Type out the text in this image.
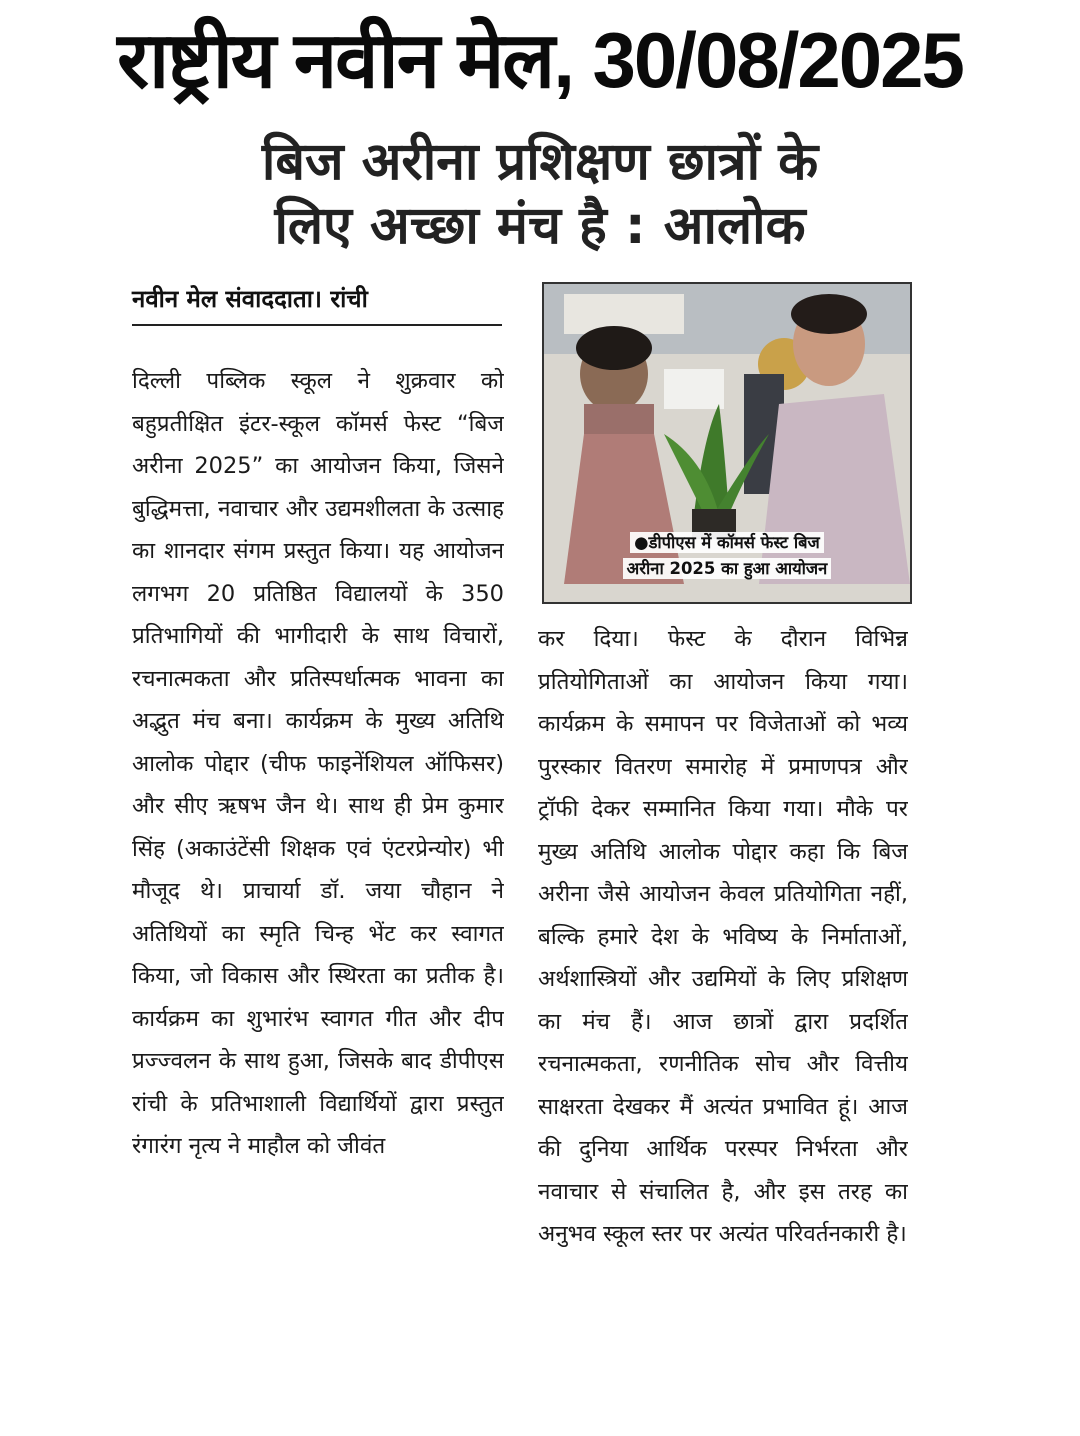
राष्ट्रीय नवीन मेल, 30/08/2025
बिज अरीना प्रशिक्षण छात्रों के
लिए अच्छा मंच है : आलोक
नवीन मेल संवाददाता। रांची
●डीपीएस में कॉमर्स फेस्ट बिज
अरीना 2025 का हुआ आयोजन
दिल्ली पब्लिक स्कूल ने शुक्रवार को बहुप्रतीक्षित इंटर-स्कूल कॉमर्स फेस्ट “बिज अरीना 2025” का आयोजन किया, जिसने बुद्धिमत्ता, नवाचार और उद्यमशीलता के उत्साह का शानदार संगम प्रस्तुत किया। यह आयोजन लगभग 20 प्रतिष्ठित विद्यालयों के 350 प्रतिभागियों की भागीदारी के साथ विचारों, रचनात्मकता और प्रतिस्पर्धात्मक भावना का अद्भुत मंच बना। कार्यक्रम के मुख्य अतिथि आलोक पोद्दार (चीफ फाइनेंशियल ऑफिसर) और सीए ऋषभ जैन थे। साथ ही प्रेम कुमार सिंह (अकाउंटेंसी शिक्षक एवं एंटरप्रेन्योर) भी मौजूद थे। प्राचार्या डॉ. जया चौहान ने अतिथियों का स्मृति चिन्ह भेंट कर स्वागत किया, जो विकास और स्थिरता का प्रतीक है। कार्यक्रम का शुभारंभ स्वागत गीत और दीप प्रज्ज्वलन के साथ हुआ, जिसके बाद डीपीएस रांची के प्रतिभाशाली विद्यार्थियों द्वारा प्रस्तुत रंगारंग नृत्य ने माहौल को जीवंत
कर दिया। फेस्ट के दौरान विभिन्न प्रतियोगिताओं का आयोजन किया गया। कार्यक्रम के समापन पर विजेताओं को भव्य पुरस्कार वितरण समारोह में प्रमाणपत्र और ट्रॉफी देकर सम्मानित किया गया। मौके पर मुख्य अतिथि आलोक पोद्दार कहा कि बिज अरीना जैसे आयोजन केवल प्रतियोगिता नहीं, बल्कि हमारे देश के भविष्य के निर्माताओं, अर्थशास्त्रियों और उद्यमियों के लिए प्रशिक्षण का मंच हैं। आज छात्रों द्वारा प्रदर्शित रचनात्मकता, रणनीतिक सोच और वित्तीय साक्षरता देखकर मैं अत्यंत प्रभावित हूं। आज की दुनिया आर्थिक परस्पर निर्भरता और नवाचार से संचालित है, और इस तरह का अनुभव स्कूल स्तर पर अत्यंत परिवर्तनकारी है।
